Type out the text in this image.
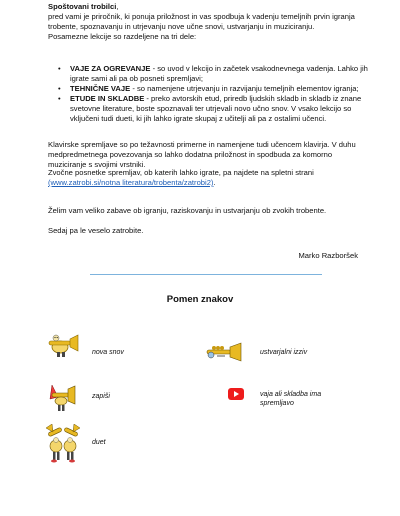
Spoštovani trobilci,

pred vami je priročnik, ki ponuja priložnost in vas spodbuja k vadenju temeljnih prvin igranja trobente, spoznavanju in utrjevanju nove učne snovi, ustvarjanju in muziciranju.
Posamezne lekcije so razdeljene na tri dele:

• VAJE ZA OGREVANJE - so uvod v lekcijo in začetek vsakodnevnega vadenja. Lahko jih igrate sami ali pa ob posneti spremljavi;
• TEHNIČNE VAJE - so namenjene utrjevanju in razvijanju temeljnih elementov igranja;
• ETUDE IN SKLADBE - preko avtorskih etud, priredb ljudskih skladb in skladb iz znane svetovne literature, boste spoznavali ter utrjevali novo učno snov. V vsako lekcijo so vključeni tudi dueti, ki jih lahko igrate skupaj z učitelji ali pa z ostalimi učenci.

Klavirske spremljave so po težavnosti primerne in namenjene tudi učencem klavirja. V duhu medpredmetnega povezovanja so lahko dodatna priložnost in spodbuda za komorno muziciranje s svojimi vrstniki.

Zvočne posnetke spremljav, ob katerih lahko igrate, pa najdete na spletni strani (www.zatrobi.si/notna literatura/trobenta/zatrobi2).

Želim vam veliko zabave ob igranju, raziskovanju in ustvarjanju ob zvokih trobente.

Sedaj pa le veselo zatrobite.

Marko Razboršek
Pomen znakov
nova snov	ustvarjalni izziv
zapiši	vaja ali skladba ima spremljavo
duet
